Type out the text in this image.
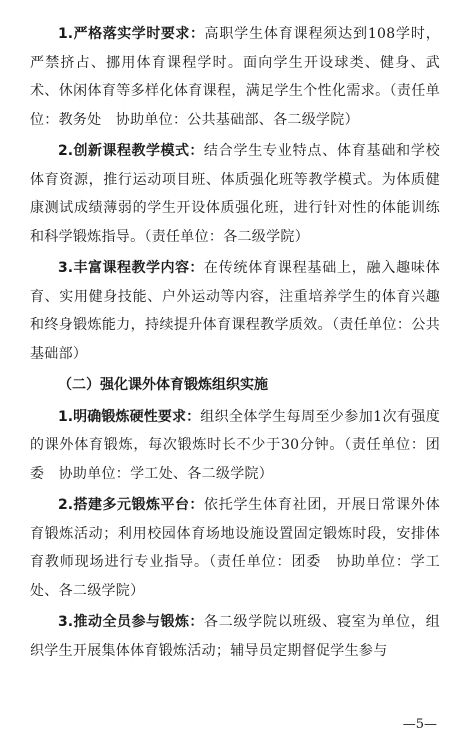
1.严格落实学时要求：高职学生体育课程须达到108学时，严禁挤占、挪用体育课程学时。面向学生开设球类、健身、武术、休闲体育等多样化体育课程，满足学生个性化需求。（责任单位：教务处　协助单位：公共基础部、各二级学院）

2.创新课程教学模式：结合学生专业特点、体育基础和学校体育资源，推行运动项目班、体质强化班等教学模式。为体质健康测试成绩薄弱的学生开设体质强化班，进行针对性的体能训练和科学锻炼指导。（责任单位：各二级学院）

3.丰富课程教学内容：在传统体育课程基础上，融入趣味体育、实用健身技能、户外运动等内容，注重培养学生的体育兴趣和终身锻炼能力，持续提升体育课程教学质效。（责任单位：公共基础部）

（二）强化课外体育锻炼组织实施

1.明确锻炼硬性要求：组织全体学生每周至少参加1次有强度的课外体育锻炼，每次锻炼时长不少于30分钟。（责任单位：团委　协助单位：学工处、各二级学院）

2.搭建多元锻炼平台：依托学生体育社团，开展日常课外体育锻炼活动；利用校园体育场地设施设置固定锻炼时段，安排体育教师现场进行专业指导。（责任单位：团委　协助单位：学工处、各二级学院）

3.推动全员参与锻炼：各二级学院以班级、寝室为单位，组织学生开展集体体育锻炼活动；辅导员定期督促学生参与

—5—
